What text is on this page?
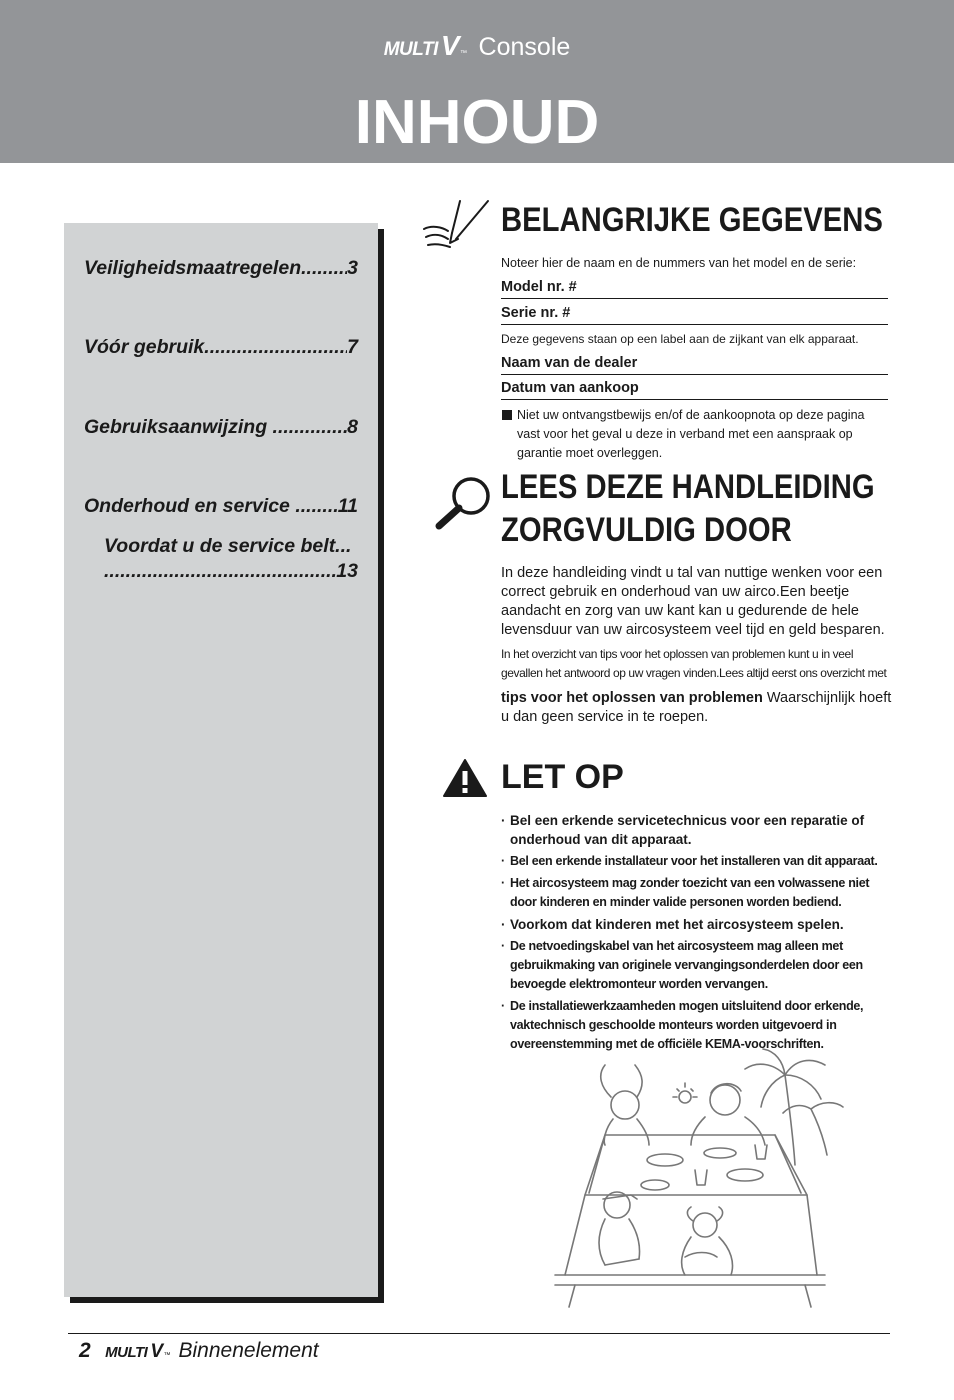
MULTI V™ Console
INHOUD
Veiligheidsmaatregelen ..... 3
Vóór gebruik .....	7
Gebruiksaanwijzing .....	8
Onderhoud en service ..... 11
Voordat u de service belt...
.....
13
BELANGRIJKE GEGEVENS
Noteer hier de naam en de nummers van het model en de serie:
Model nr. #
Serie nr. #
Deze gegevens staan op een label aan de zijkant van elk apparaat.
Naam van de dealer
Datum van aankoop
Niet uw ontvangstbewijs en/of de aankoopnota op deze pagina vast voor het geval u deze in verband met een aanspraak op garantie moet overleggen.
LEES DEZE HANDLEIDING
ZORGVULDIG DOOR
In deze handleiding vindt u tal van nuttige wenken voor een correct gebruik en onderhoud van uw airco.Een beetje aandacht en zorg van uw kant kan u gedurende de hele levensduur van uw aircosysteem veel tijd en geld besparen.
In het overzicht van tips voor het oplossen van problemen kunt u in veel gevallen het antwoord op uw vragen vinden.Lees altijd eerst ons overzicht met
tips voor het oplossen van problemen Waarschijnlijk hoeft u dan geen service in te roepen.
LET OP
· Bel een erkende servicetechnicus voor een reparatie of onderhoud van dit apparaat.
· Bel een erkende installateur voor het installeren van dit apparaat.
· Het aircosysteem mag zonder toezicht van een volwassene niet door kinderen en minder valide personen worden bediend.
· Voorkom dat kinderen met het aircosysteem spelen.
· De netvoedingskabel van het aircosysteem mag alleen met gebruikmaking van originele vervangingsonderdelen door een bevoegde elektromonteur worden vervangen.
· De installatiewerkzaamheden mogen uitsluitend door erkende, vaktechnisch geschoolde monteurs worden uitgevoerd in overeenstemming met de officiële KEMA-voorschriften.
2 MULTI V™ Binnenelement
